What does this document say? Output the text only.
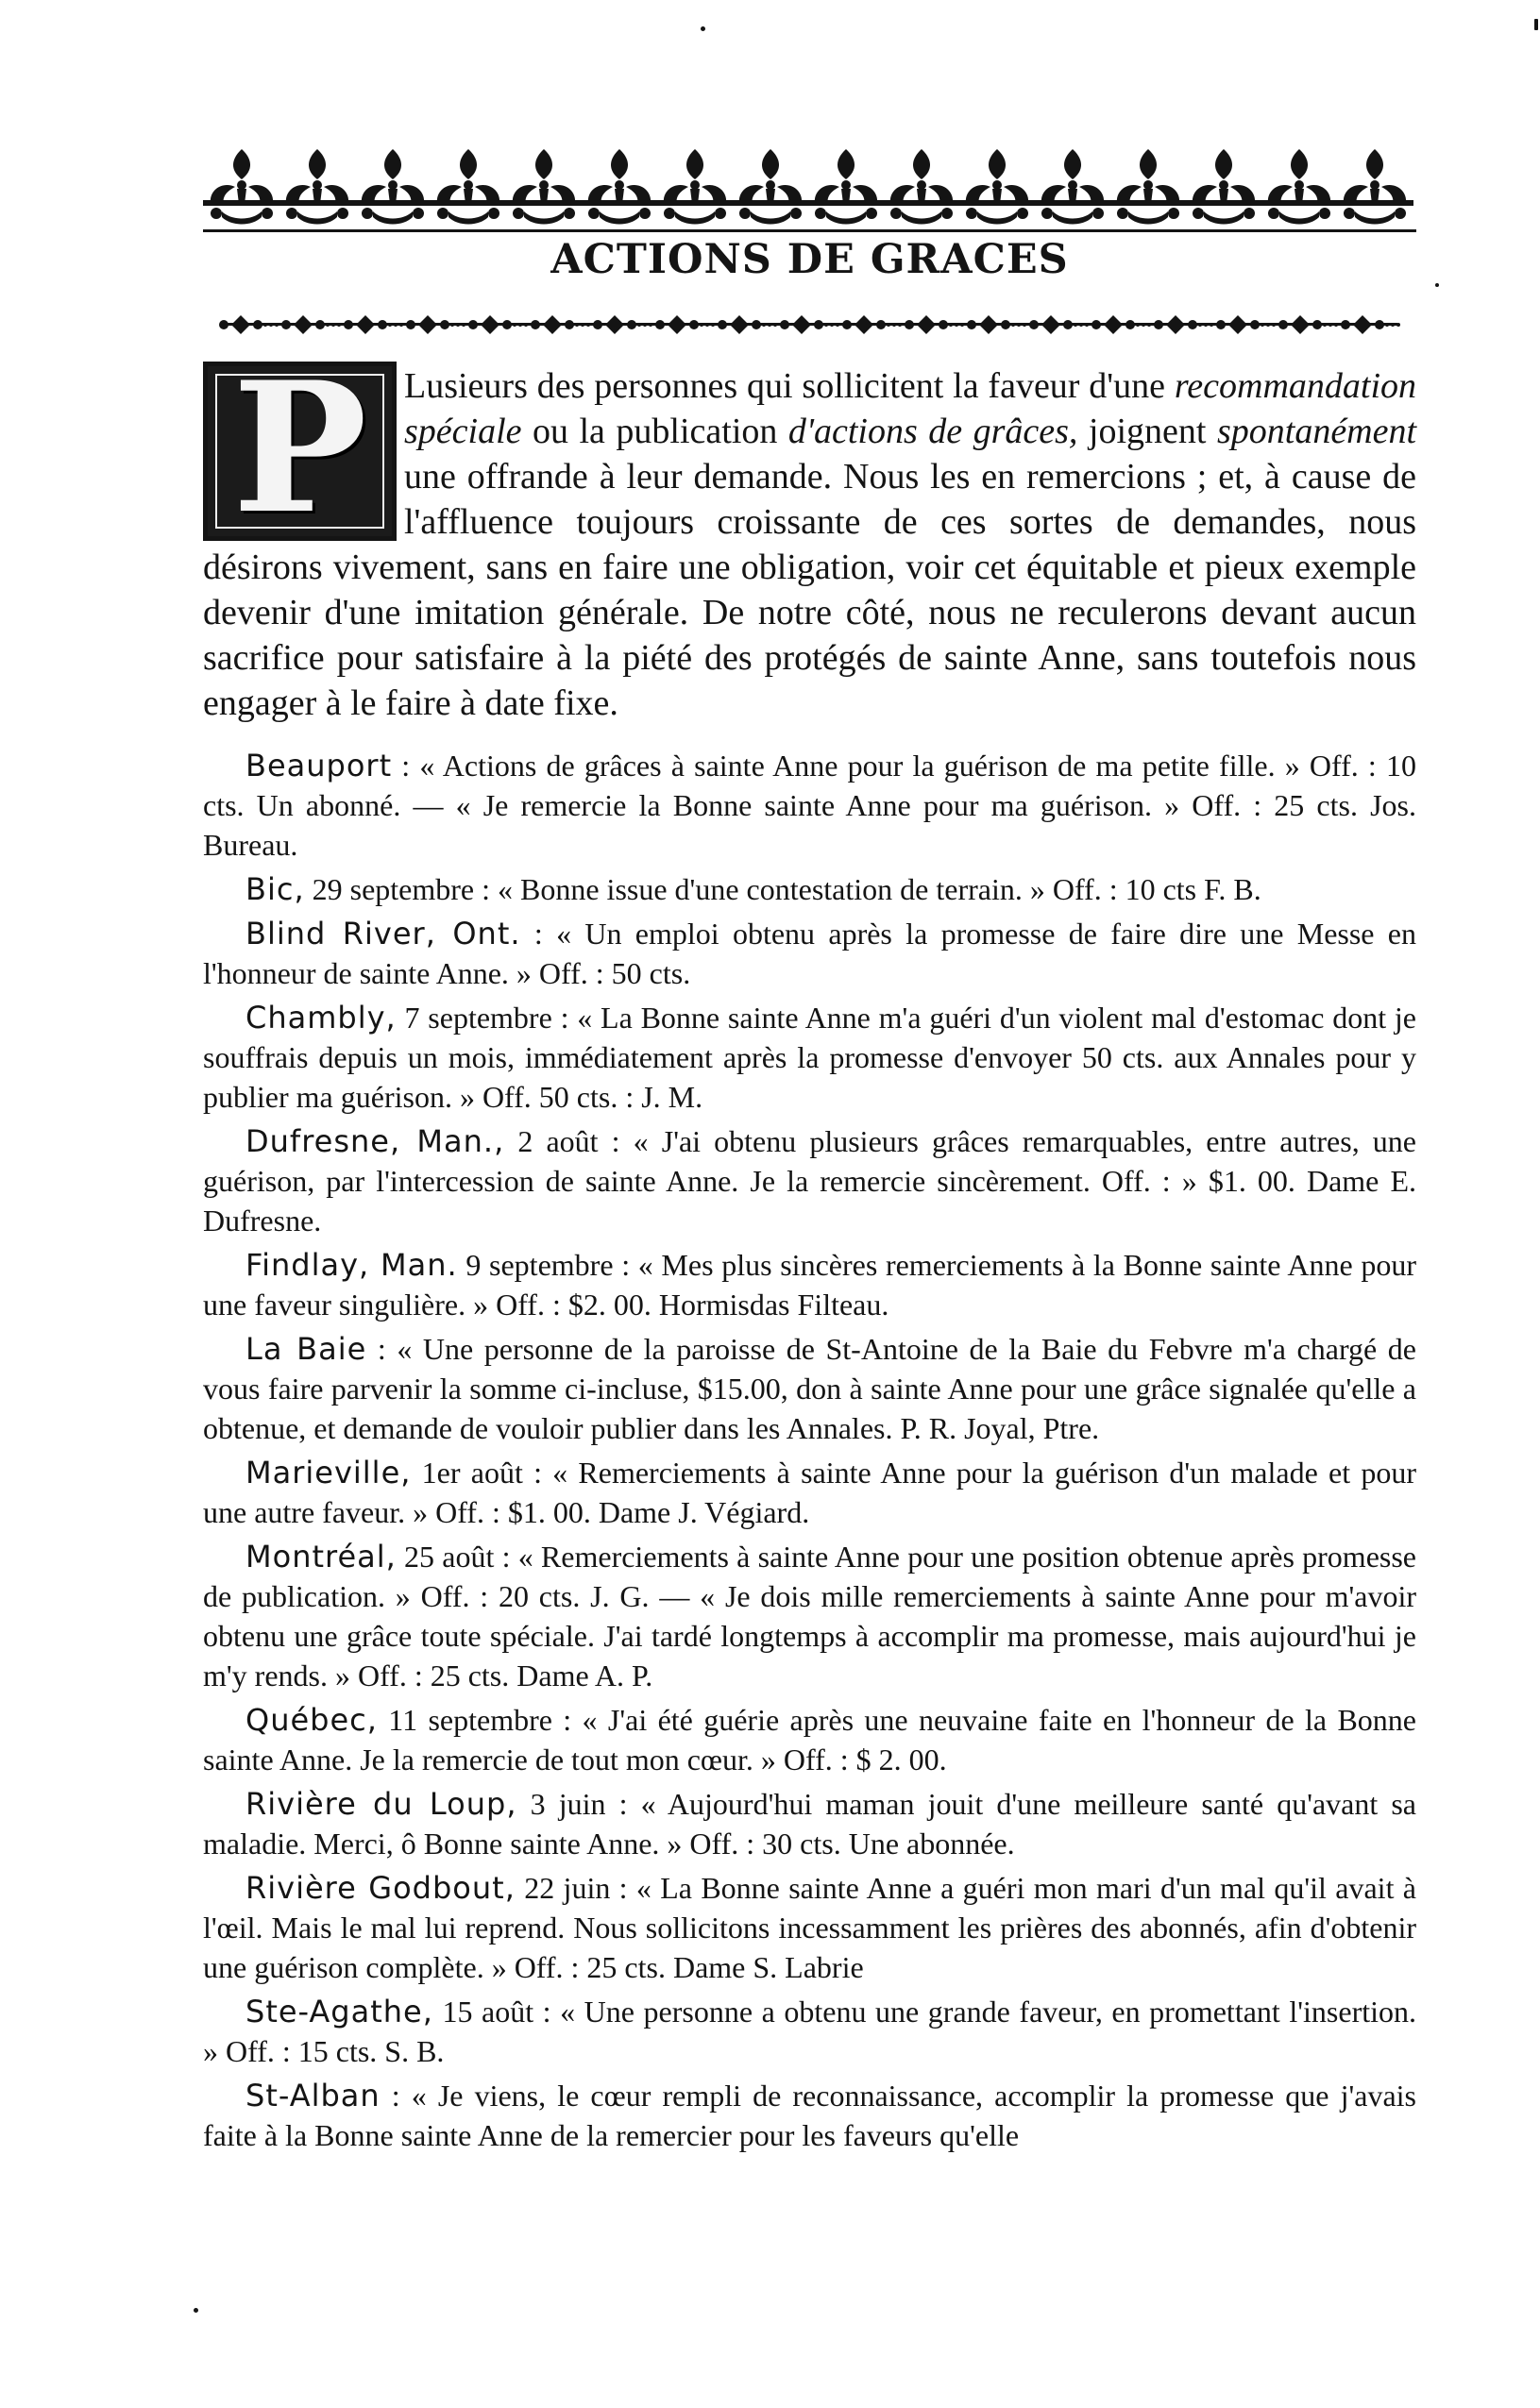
ACTIONS DE GRACES
P	Lusieurs des personnes qui sollicitent la faveur d'une recommandation spéciale ou la publication d'actions de grâces, joignent spontanément une offrande à leur demande. Nous les en remercions ; et, à cause de l'affluence toujours croissante de ces sortes de demandes, nous désirons vivement, sans en faire une obligation, voir cet équitable et pieux exemple devenir d'une imitation générale. De notre côté, nous ne reculerons devant aucun sacrifice pour satisfaire à la piété des protégés de sainte Anne, sans toutefois nous engager à le faire à date fixe.

Beauport : « Actions de grâces à sainte Anne pour la guérison de ma petite fille. » Off. : 10 cts. Un abonné. — « Je remercie la Bonne sainte Anne pour ma guérison. » Off. : 25 cts. Jos. Bureau.

Bic, 29 septembre : « Bonne issue d'une contestation de terrain. » Off. : 10 cts F. B.

Blind River, Ont. : « Un emploi obtenu après la promesse de faire dire une Messe en l'honneur de sainte Anne. » Off. : 50 cts.

Chambly, 7 septembre : « La Bonne sainte Anne m'a guéri d'un violent mal d'estomac dont je souffrais depuis un mois, immédiatement après la promesse d'envoyer 50 cts. aux Annales pour y publier ma guérison. » Off. 50 cts. : J. M.

Dufresne, Man., 2 août : « J'ai obtenu plusieurs grâces remarquables, entre autres, une guérison, par l'intercession de sainte Anne. Je la remercie sincèrement. Off. : » $1. 00. Dame E. Dufresne.

Findlay, Man. 9 septembre : « Mes plus sincères remerciements à la Bonne sainte Anne pour une faveur singulière. » Off. : $2. 00. Hormisdas Filteau.

La Baie : « Une personne de la paroisse de St-Antoine de la Baie du Febvre m'a chargé de vous faire parvenir la somme ci-incluse, $15.00, don à sainte Anne pour une grâce signalée qu'elle a obtenue, et demande de vouloir publier dans les Annales. P. R. Joyal, Ptre.

Marieville, 1er août : « Remerciements à sainte Anne pour la guérison d'un malade et pour une autre faveur. » Off. : $1. 00. Dame J. Végiard.

Montréal, 25 août : « Remerciements à sainte Anne pour une position obtenue après promesse de publication. » Off. : 20 cts. J. G. — « Je dois mille remerciements à sainte Anne pour m'avoir obtenu une grâce toute spéciale. J'ai tardé longtemps à accomplir ma promesse, mais aujourd'hui je m'y rends. » Off. : 25 cts. Dame A. P.

Québec, 11 septembre : « J'ai été guérie après une neuvaine faite en l'honneur de la Bonne sainte Anne. Je la remercie de tout mon cœur. » Off. : $ 2. 00.

Rivière du Loup, 3 juin : « Aujourd'hui maman jouit d'une meilleure santé qu'avant sa maladie. Merci, ô Bonne sainte Anne. » Off. : 30 cts. Une abonnée.

Rivière Godbout, 22 juin : « La Bonne sainte Anne a guéri mon mari d'un mal qu'il avait à l'œil. Mais le mal lui reprend. Nous sollicitons incessamment les prières des abonnés, afin d'obtenir une guérison complète. » Off. : 25 cts. Dame S. Labrie

Ste-Agathe, 15 août : « Une personne a obtenu une grande faveur, en promettant l'insertion. » Off. : 15 cts. S. B.

St-Alban : « Je viens, le cœur rempli de reconnaissance, accomplir la promesse que j'avais faite à la Bonne sainte Anne de la remercier pour les faveurs qu'elle
